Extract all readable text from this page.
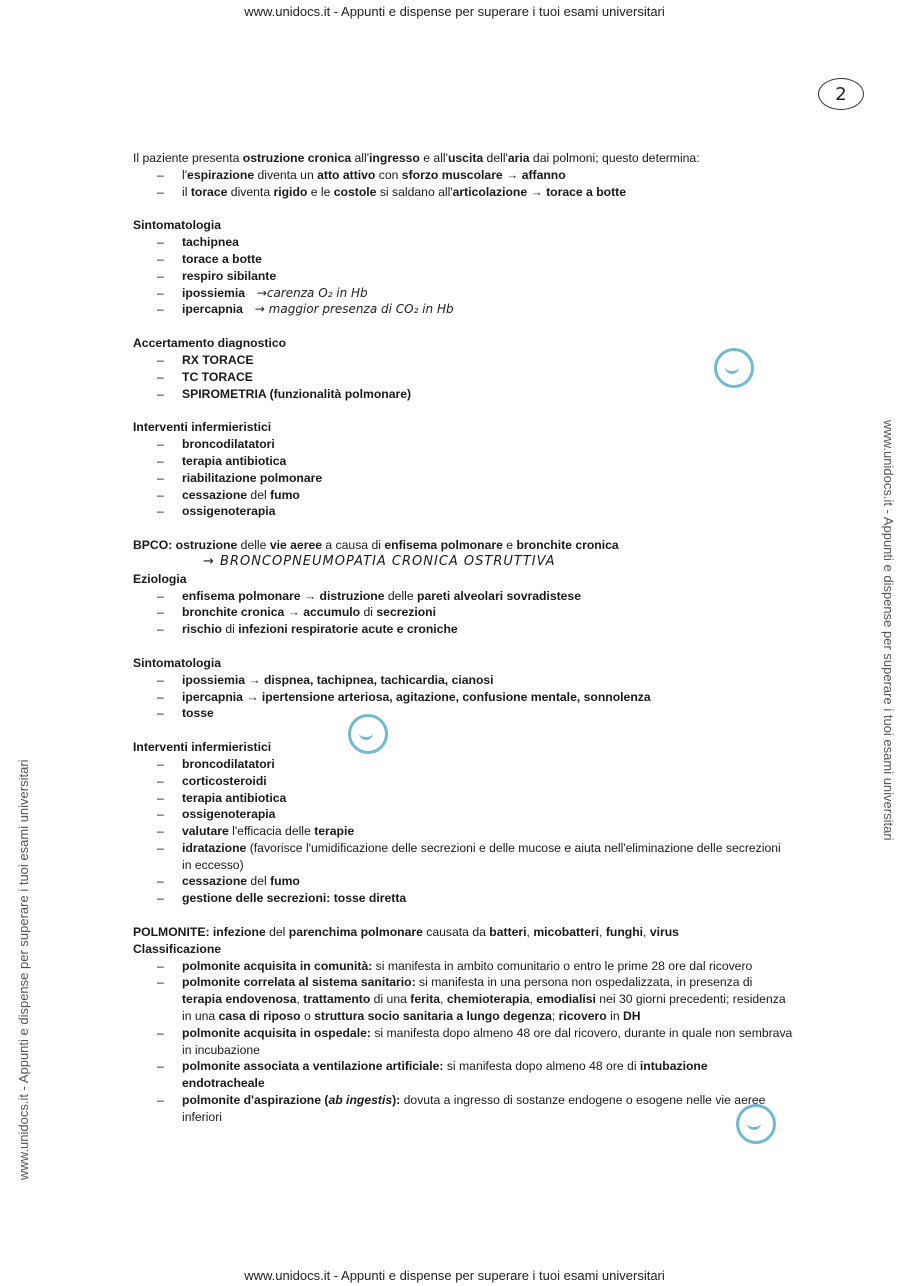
www.unidocs.it - Appunti e dispense per superare i tuoi esami universitari
www.unidocs.it - Appunti e dispense per superare i tuoi esami universitari
www.unidocs.it - Appunti e dispense per superare i tuoi esami universitari
2

Il paziente presenta ostruzione cronica all'ingresso e all'uscita dell'aria dai polmoni; questo determina:

– l'espirazione diventa un atto attivo con sforzo muscolare → affanno
– il torace diventa rigido e le costole si saldano all'articolazione → torace a botte

Sintomatologia

– tachipnea
– torace a botte
– respiro sibilante
– ipossiemia →carenza O₂ in Hb
– ipercapnia → maggior presenza di CO₂ in Hb

Accertamento diagnostico

– RX TORACE
– TC TORACE
– SPIROMETRIA (funzionalità polmonare)

Interventi infermieristici

– broncodilatatori
– terapia antibiotica
– riabilitazione polmonare
– cessazione del fumo
– ossigenoterapia

BPCO: ostruzione delle vie aeree a causa di enfisema polmonare e bronchite cronica

→ BRONCOPNEUMOPATIA CRONICA OSTRUTTIVA

Eziologia

– enfisema polmonare → distruzione delle pareti alveolari sovradistese
– bronchite cronica → accumulo di secrezioni
– rischio di infezioni respiratorie acute e croniche

Sintomatologia

– ipossiemia → dispnea, tachipnea, tachicardia, cianosi
– ipercapnia → ipertensione arteriosa, agitazione, confusione mentale, sonnolenza
– tosse

Interventi infermieristici

– broncodilatatori
– corticosteroidi
– terapia antibiotica
– ossigenoterapia
– valutare l'efficacia delle terapie
– idratazione (favorisce l'umidificazione delle secrezioni e delle mucose e aiuta nell'eliminazione delle secrezioni in eccesso)
– cessazione del fumo
– gestione delle secrezioni: tosse diretta

POLMONITE: infezione del parenchima polmonare causata da batteri, micobatteri, funghi, virus

Classificazione

– polmonite acquisita in comunità: si manifesta in ambito comunitario o entro le prime 28 ore dal ricovero
– polmonite correlata al sistema sanitario: si manifesta in una persona non ospedalizzata, in presenza di terapia endovenosa, trattamento di una ferita, chemioterapia, emodialisi nei 30 giorni precedenti; residenza in una casa di riposo o struttura socio sanitaria a lungo degenza; ricovero in DH
– polmonite acquisita in ospedale: si manifesta dopo almeno 48 ore dal ricovero, durante in quale non sembrava in incubazione
– polmonite associata a ventilazione artificiale: si manifesta dopo almeno 48 ore di intubazione endotracheale
– polmonite d'aspirazione (ab ingestis): dovuta a ingresso di sostanze endogene o esogene nelle vie aeree inferiori
www.unidocs.it - Appunti e dispense per superare i tuoi esami universitari
